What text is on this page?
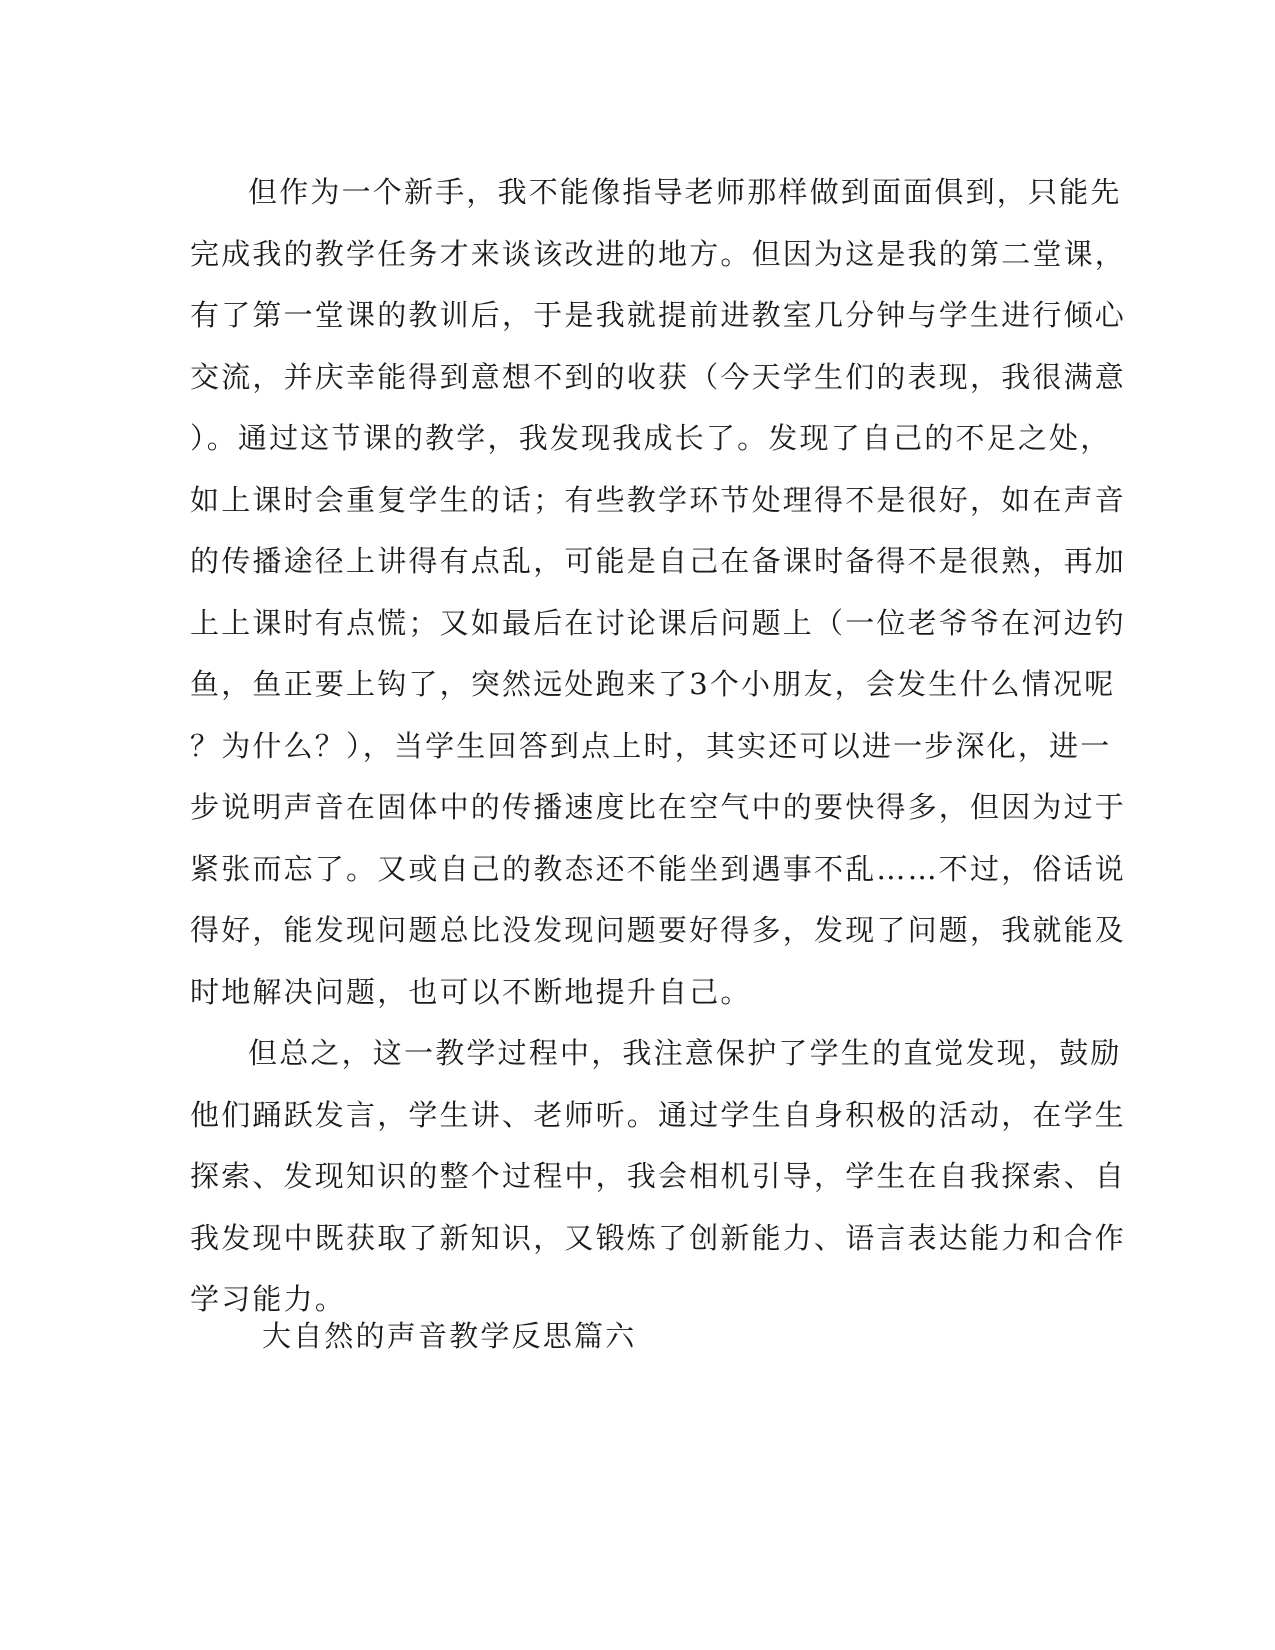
但作为一个新手，我不能像指导老师那样做到面面俱到，只能先
完成我的教学任务才来谈该改进的地方。但因为这是我的第二堂课，
有了第一堂课的教训后，于是我就提前进教室几分钟与学生进行倾心
交流，并庆幸能得到意想不到的收获（今天学生们的表现，我很满意
）。通过这节课的教学，我发现我成长了。发现了自己的不足之处，
如上课时会重复学生的话；有些教学环节处理得不是很好，如在声音
的传播途径上讲得有点乱，可能是自己在备课时备得不是很熟，再加
上上课时有点慌；又如最后在讨论课后问题上（一位老爷爷在河边钓
鱼，鱼正要上钩了，突然远处跑来了3个小朋友，会发生什么情况呢
？为什么？），当学生回答到点上时，其实还可以进一步深化，进一
步说明声音在固体中的传播速度比在空气中的要快得多，但因为过于
紧张而忘了。又或自己的教态还不能坐到遇事不乱……不过，俗话说
得好，能发现问题总比没发现问题要好得多，发现了问题，我就能及
时地解决问题，也可以不断地提升自己。

但总之，这一教学过程中，我注意保护了学生的直觉发现，鼓励
他们踊跃发言，学生讲、老师听。通过学生自身积极的活动，在学生
探索、发现知识的整个过程中，我会相机引导，学生在自我探索、自
我发现中既获取了新知识，又锻炼了创新能力、语言表达能力和合作
学习能力。

大自然的声音教学反思篇六
